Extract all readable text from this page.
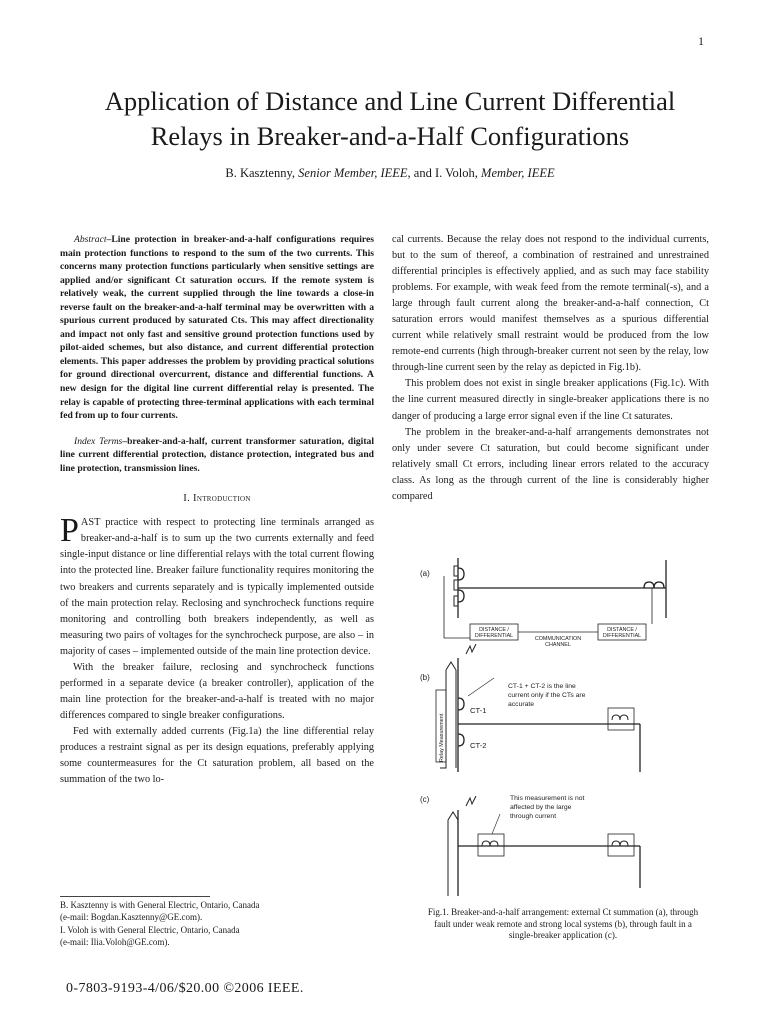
1
Application of Distance and Line Current Differential
Relays in Breaker-and-a-Half Configurations
B. Kasztenny, Senior Member, IEEE, and I. Voloh, Member, IEEE

Abstract–Line protection in breaker-and-a-half configurations requires main protection functions to respond to the sum of the two currents. This concerns many protection functions particularly when sensitive settings are applied and/or significant Ct saturation occurs. If the remote system is relatively weak, the current supplied through the line towards a close-in reverse fault on the breaker-and-a-half terminal may be overwritten with a spurious current produced by saturated Cts. This may affect directionality and impact not only fast and sensitive ground protection functions used by pilot-aided schemes, but also distance, and current differential protection elements. This paper addresses the problem by providing practical solutions for ground directional overcurrent, distance and differential functions. A new design for the digital line current differential relay is presented. The relay is capable of protecting three-terminal applications with each terminal fed from up to four currents.

Index Terms–breaker-and-a-half, current transformer saturation, digital line current differential protection, distance protection, integrated bus and line protection, transmission lines.

I. Introduction

PAST practice with respect to protecting line terminals arranged as breaker-and-a-half is to sum up the two currents externally and feed single-input distance or line differential relays with the total current flowing into the protected line. Breaker failure functionality requires monitoring the two breakers and currents separately and is typically implemented outside of the main protection relay. Reclosing and synchrocheck functions require monitoring and controlling both breakers independently, as well as measuring two pairs of voltages for the synchrocheck purpose, are also – in majority of cases – implemented outside of the main line protection device.

With the breaker failure, reclosing and synchrocheck functions performed in a separate device (a breaker controller), application of the main line protection for the breaker-and-a-half is treated with no major differences compared to single breaker configurations.

Fed with externally added currents (Fig.1a) the line differential relay produces a restraint signal as per its design equations, preferably applying some countermeasures for the Ct saturation problem, all based on the summation of the two lo-

cal currents. Because the relay does not respond to the individual currents, but to the sum of thereof, a combination of restrained and unrestrained differential principles is effectively applied, and as such may face stability problems. For example, with weak feed from the remote terminal(-s), and a large through fault current along the breaker-and-a-half connection, Ct saturation errors would manifest themselves as a spurious differential current while relatively small restraint would be produced from the low remote-end currents (high through-breaker current not seen by the relay, low through-line current seen by the relay as depicted in Fig.1b).

This problem does not exist in single breaker applications (Fig.1c). With the line current measured directly in single-breaker applications there is no danger of producing a large error signal even if the line Ct saturates.

The problem in the breaker-and-a-half arrangements demonstrates not only under severe Ct saturation, but could become significant under relatively small Ct errors, including linear errors related to the accuracy class. As long as the through current of the line is considerably higher compared

B. Kasztenny is with General Electric, Ontario, Canada
(e-mail: Bogdan.Kasztenny@GE.com).
I. Voloh is with General Electric, Ontario, Canada
(e-mail: Ilia.Voloh@GE.com).
0-7803-9193-4/06/$20.00 ©2006 IEEE.
(a)
DISTANCE /
DIFFERENTIAL
DISTANCE /
DIFFERENTIAL
COMMUNICATION
CHANNEL
(b)
CT-1 + CT-2 is the line
current only if the CTs are
accurate
CT-1
CT-2
Relay Measurement
(c)	This measurement is not
affected by the large
through current
Fig.1. Breaker-and-a-half arrangement: external Ct summation (a), through
fault under weak remote and strong local systems (b), through fault in a
single-breaker application (c).
